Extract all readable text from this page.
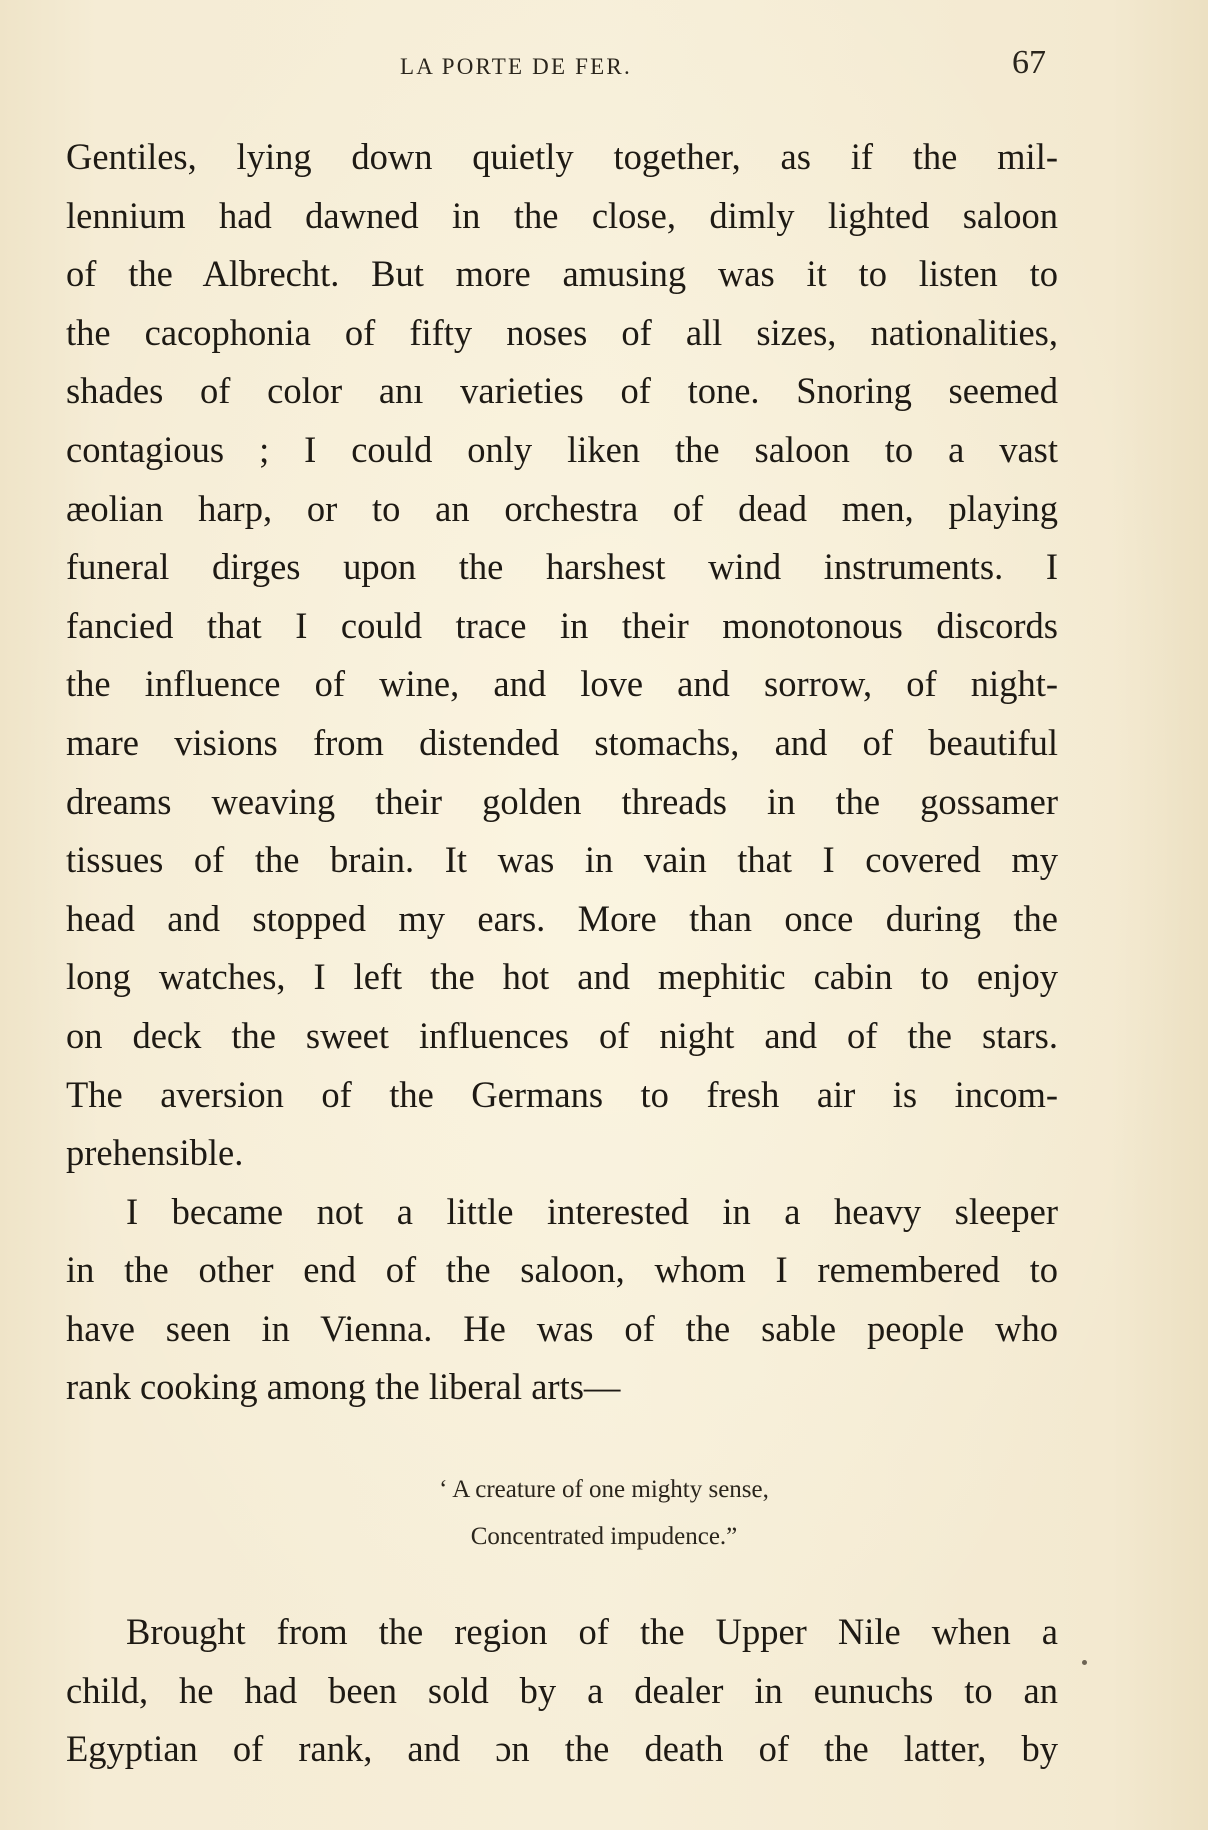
LA PORTE DE FER.	67
Gentiles, lying down quietly together, as if the mil-
lennium had dawned in the close, dimly lighted saloon
of the Albrecht. But more amusing was it to listen to
the cacophonia of fifty noses of all sizes, nationalities,
shades of color anı varieties of tone. Snoring seemed
contagious ; I could only liken the saloon to a vast
æolian harp, or to an orchestra of dead men, playing
funeral dirges upon the harshest wind instruments. I
fancied that I could trace in their monotonous discords
the influence of wine, and love and sorrow, of night-
mare visions from distended stomachs, and of beautiful
dreams weaving their golden threads in the gossamer
tissues of the brain. It was in vain that I covered my
head and stopped my ears. More than once during the
long watches, I left the hot and mephitic cabin to enjoy
on deck the sweet influences of night and of the stars.
The aversion of the Germans to fresh air is incom-
prehensible.
I became not a little interested in a heavy sleeper
in the other end of the saloon, whom I remembered to
have seen in Vienna. He was of the sable people who
rank cooking among the liberal arts—
‘ A creature of one mighty sense,
Concentrated impudence.”
Brought from the region of the Upper Nile when a
child, he had been sold by a dealer in eunuchs to an
Egyptian of rank, and ɔn the death of the latter, by
